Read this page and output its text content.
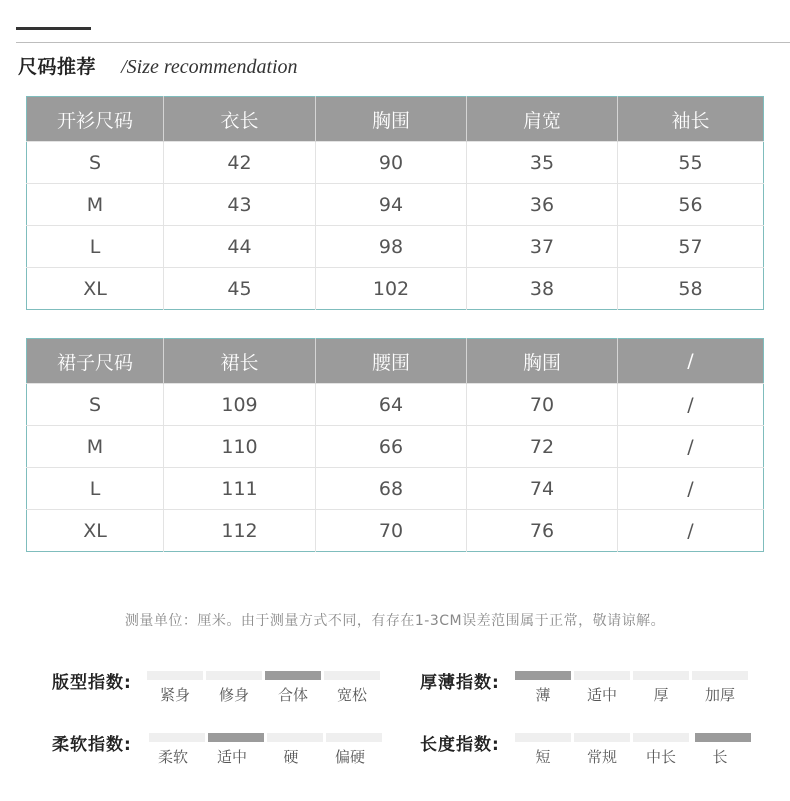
尺码推荐 /Size recommendation
开衫尺码	衣长	胸围	肩宽	袖长
S	42	90	35	55
M	43	94	36	56
L	44	98	37	57
XL	45	102	38	58
裙子尺码	裙长	腰围	胸围	/
S	109	64	70	/
M	110	66	72	/
L	111	68	74	/
XL	112	70	76	/
测量单位：厘米。由于测量方式不同，有存在1-3CM误差范围属于正常，敬请谅解。
版型指数:
紧身	修身	合体	宽松
厚薄指数:
薄	适中	厚	加厚
柔软指数:
柔软	适中	硬	偏硬
长度指数:
短	常规	中长	长
